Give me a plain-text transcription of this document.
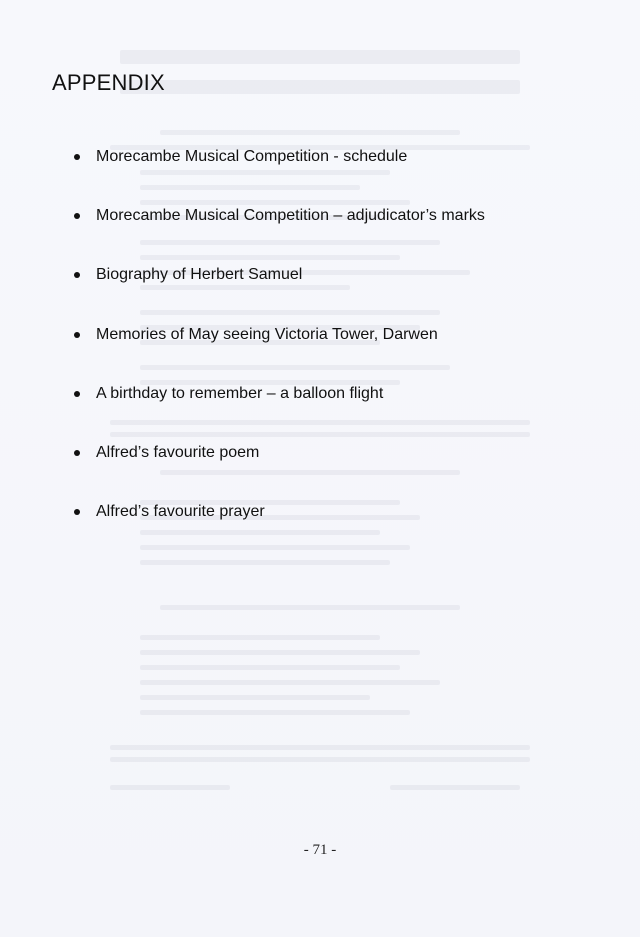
APPENDIX
Morecambe Musical Competition - schedule
Morecambe Musical Competition – adjudicator’s marks
Biography of Herbert Samuel
Memories of May seeing Victoria Tower, Darwen
A birthday to remember – a balloon flight
Alfred’s favourite poem
Alfred’s favourite prayer
- 71 -
